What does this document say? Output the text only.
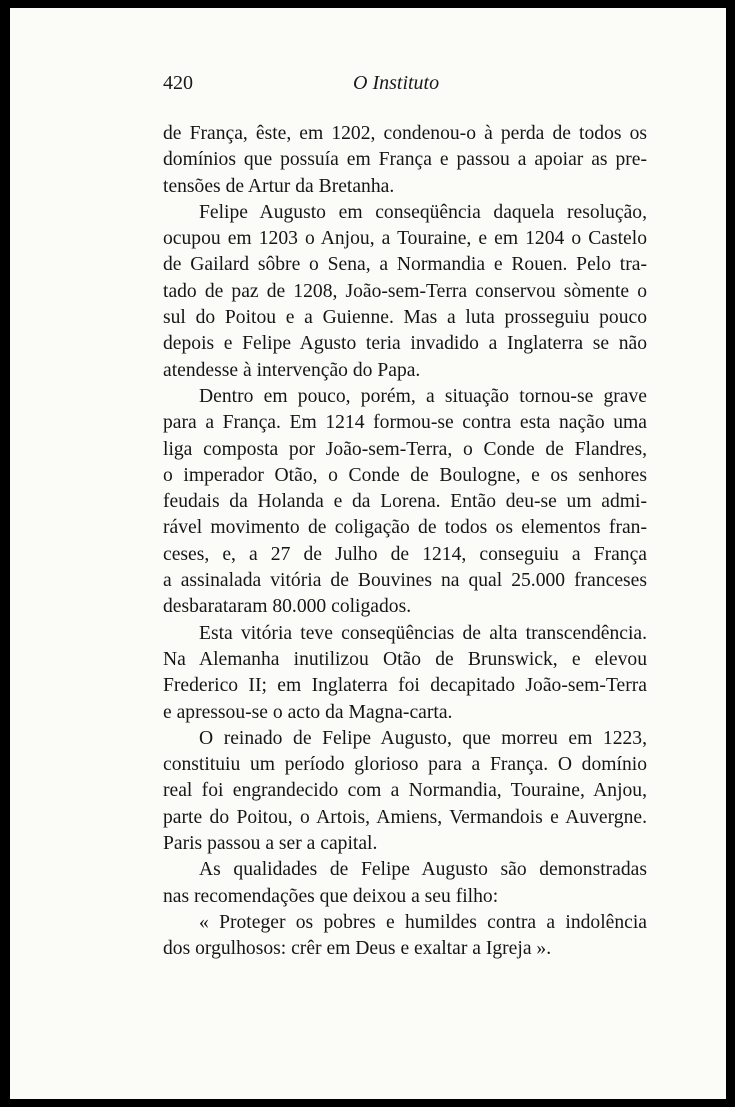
420	O Instituto

de França, êste, em 1202, condenou-o à perda de todos os
domínios que possuía em França e passou a apoiar as pre-
tensões de Artur da Bretanha.

Felipe Augusto em conseqüência daquela resolução,
ocupou em 1203 o Anjou, a Touraine, e em 1204 o Castelo
de Gailard sôbre o Sena, a Normandia e Rouen. Pelo tra-
tado de paz de 1208, João-sem-Terra conservou sòmente o
sul do Poitou e a Guienne. Mas a luta prosseguiu pouco
depois e Felipe Agusto teria invadido a Inglaterra se não
atendesse à intervenção do Papa.

Dentro em pouco, porém, a situação tornou-se grave
para a França. Em 1214 formou-se contra esta nação uma
liga composta por João-sem-Terra, o Conde de Flandres,
o imperador Otão, o Conde de Boulogne, e os senhores
feudais da Holanda e da Lorena. Então deu-se um admi-
rável movimento de coligação de todos os elementos fran-
ceses, e, a 27 de Julho de 1214, conseguiu a França
a assinalada vitória de Bouvines na qual 25.000 franceses
desbarataram 80.000 coligados.

Esta vitória teve conseqüências de alta transcendência.
Na Alemanha inutilizou Otão de Brunswick, e elevou
Frederico II; em Inglaterra foi decapitado João-sem-Terra
e apressou-se o acto da Magna-carta.

O reinado de Felipe Augusto, que morreu em 1223,
constituiu um período glorioso para a França. O domínio
real foi engrandecido com a Normandia, Touraine, Anjou,
parte do Poitou, o Artois, Amiens, Vermandois e Auvergne.
Paris passou a ser a capital.

As qualidades de Felipe Augusto são demonstradas
nas recomendações que deixou a seu filho:

« Proteger os pobres e humildes contra a indolência
dos orgulhosos: crêr em Deus e exaltar a Igreja ».
